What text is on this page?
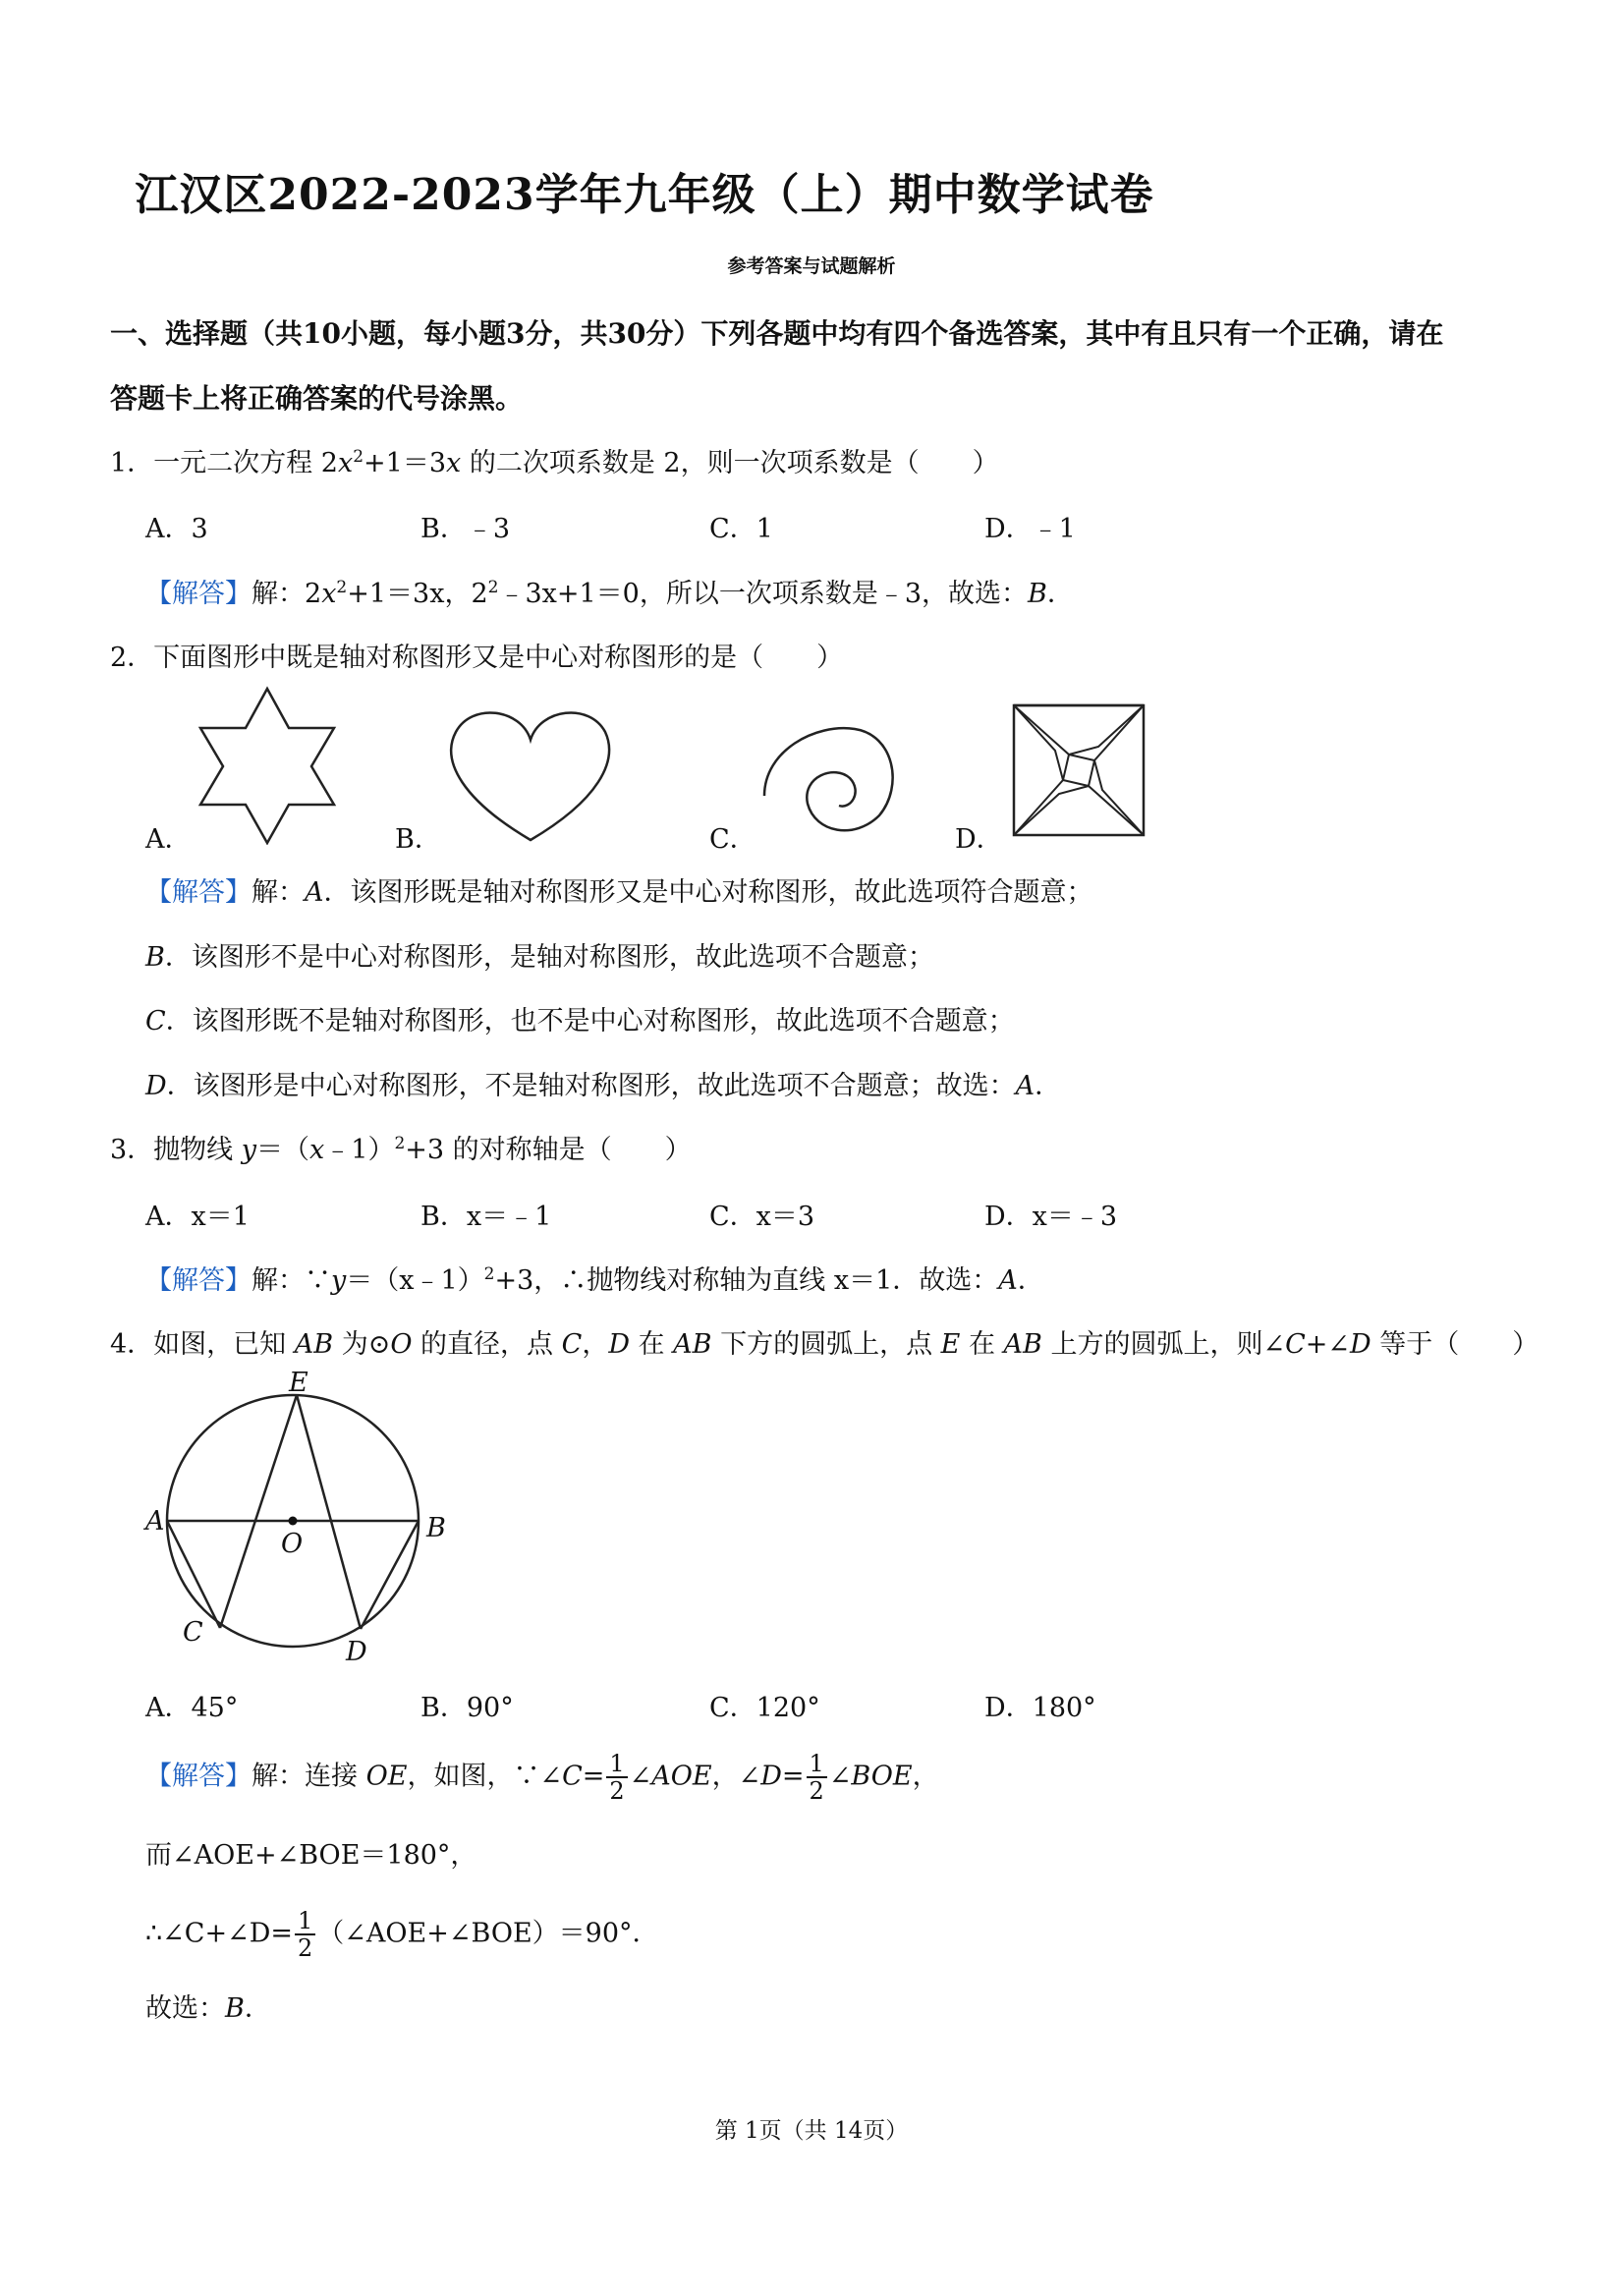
江汉区2022-2023学年九年级（上）期中数学试卷
参考答案与试题解析
一、选择题（共10小题，每小题3分，共30分）下列各题中均有四个备选答案，其中有且只有一个正确，请在
答题卡上将正确答案的代号涂黑。
1．一元二次方程 $2x^2+1=3x$ 的二次项系数是 2，则一次项系数是（　　）
A．3	B．﹣3	C．1	D．﹣1
【解答】解：$2x^2+1=3x$，$2^2﹣3x+1=0$，所以一次项系数是﹣3，故选：B．
2．下面图形中既是轴对称图形又是中心对称图形的是（　　）
A．	B．	C．	D．
【解答】解：A．该图形既是轴对称图形又是中心对称图形，故此选项符合题意；
B．该图形不是中心对称图形，是轴对称图形，故此选项不合题意；
C．该图形既不是轴对称图形，也不是中心对称图形，故此选项不合题意；
D．该图形是中心对称图形，不是轴对称图形，故此选项不合题意；故选：A．
3．抛物线 y＝（x﹣1）$^2$+3 的对称轴是（　　）
A．x＝1	B．x＝﹣1	C．x＝3	D．x＝﹣3
【解答】解：∵y＝（x﹣1）$^2$+3，∴抛物线对称轴为直线 x＝1．故选：A．
4．如图，已知 AB 为⊙O 的直径，点 C，D 在 AB 下方的圆弧上，点 E 在 AB 上方的圆弧上，则∠C+∠D 等于（　　）
E
A	B
O
C
D
A．45°	B．90°	C．120°	D．180°
【解答】解：连接 OE，如图，∵∠C= $\frac{1}{2}$ ∠AOE，∠D= $\frac{1}{2}$ ∠BOE，
而∠AOE+∠BOE＝180°，
∴∠C+∠D= $\frac{1}{2}$ （∠AOE+∠BOE）＝90°．
故选：B．
第 1页（共 14页）
